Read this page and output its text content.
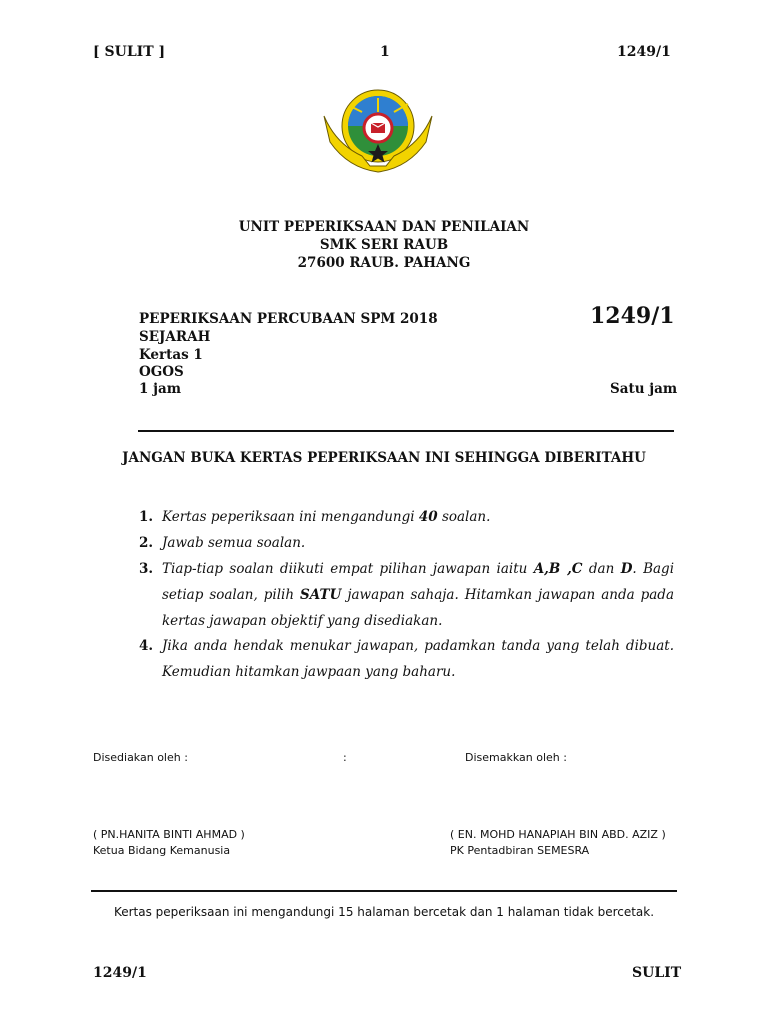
[ SULIT ]	1	1249/1
UNIT PEPERIKSAAN DAN PENILAIAN
SMK SERI RAUB
27600 RAUB. PAHANG
PEPERIKSAAN PERCUBAAN SPM 2018	1249/1
SEJARAH
Kertas 1
OGOS
1 jam	Satu jam
JANGAN BUKA KERTAS PEPERIKSAAN INI SEHINGGA DIBERITAHU
1. Kertas peperiksaan ini mengandungi 40 soalan.
2. Jawab semua soalan.
3. Tiap-tiap soalan diikuti empat pilihan jawapan iaitu A,B ,C dan D. Bagi setiap soalan, pilih SATU jawapan sahaja. Hitamkan jawapan anda pada kertas jawapan objektif yang disediakan.
4. Jika anda hendak menukar jawapan, padamkan tanda yang telah dibuat. Kemudian hitamkan jawpaan yang baharu.
Disediakan oleh :	:	Disemakkan oleh :
( PN.HANITA BINTI AHMAD )
Ketua Bidang Kemanusia
( EN. MOHD HANAPIAH BIN ABD. AZIZ )
PK Pentadbiran SEMESRA
Kertas peperiksaan ini mengandungi 15 halaman bercetak dan 1 halaman tidak bercetak.
1249/1	SULIT
